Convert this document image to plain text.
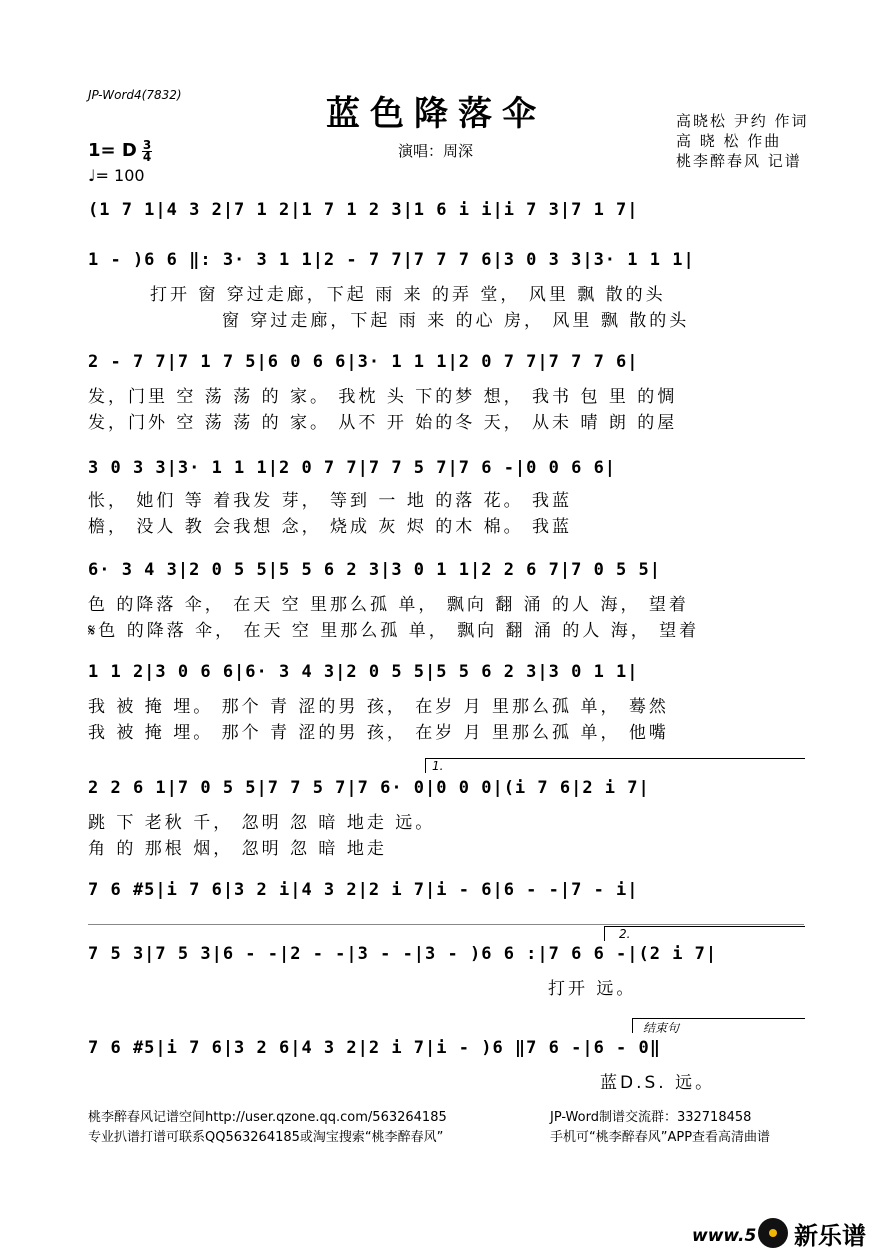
JP-Word4(7832)	蓝色降落伞	高晓松 尹约 作词
高 晓 松 作曲
桃李醉春风 记谱
演唱：周深
1= D $\frac{3}{4}$
♩= 100
(1 7 1|4 3 2|7 1 2|1 7 1 2 3|1 6 i i|i 7 3|7 1 7|
1 - )6 6 ‖: 3· 3 1 1|2 - 7 7|7 7 7 6|3 0 3 3|3· 1 1 1|
打开 窗 穿过走廊，下起 雨 来 的弄 堂， 风里 飘 散的头
窗 穿过走廊，下起 雨 来 的心 房， 风里 飘 散的头
2 - 7 7|7 1 7 5|6 0 6 6|3· 1 1 1|2 0 7 7|7 7 7 6|
发，门里 空 荡 荡 的 家。 我枕 头 下的梦 想， 我书 包 里 的惆
发，门外 空 荡 荡 的 家。 从不 开 始的冬 天， 从未 晴 朗 的屋
3 0 3 3|3· 1 1 1|2 0 7 7|7 7 5 7|7 6 -|0 0 6 6|
怅， 她们 等 着我发 芽， 等到 一 地 的落 花。 我蓝
檐， 没人 教 会我想 念， 烧成 灰 烬 的木 棉。 我蓝
6· 3 4 3|2 0 5 5|5 5 6 2 3|3 0 1 1|2 2 6 7|7 0 5 5|
色 的降落 伞， 在天 空 里那么孤 单， 飘向 翻 涌 的人 海， 望着
𝄋色 的降落 伞， 在天 空 里那么孤 单， 飘向 翻 涌 的人 海， 望着
1 1 2|3 0 6 6|6· 3 4 3|2 0 5 5|5 5 6 2 3|3 0 1 1|
我 被 掩 埋。 那个 青 涩的男 孩， 在岁 月 里那么孤 单， 蓦然
我 被 掩 埋。 那个 青 涩的男 孩， 在岁 月 里那么孤 单， 他嘴
1.
2 2 6 1|7 0 5 5|7 7 5 7|7 6· 0|0 0 0|(i 7 6|2 i 7|
跳 下 老秋 千， 忽明 忽 暗 地走 远。
角 的 那根 烟， 忽明 忽 暗 地走
7 6 #5|i 7 6|3 2 i|4 3 2|2 i 7|i - 6|6 - -|7 - i|
2.
7 5 3|7 5 3|6 - -|2 - -|3 - -|3 - )6 6 :|7 6 6 -|(2 i 7|
打开 远。
结束句
7 6 #5|i 7 6|3 2 6|4 3 2|2 i 7|i - )6 ‖7 6 -|6 - 0‖
蓝D.S. 远。
桃李醉春风记谱空间http://user.qzone.qq.com/563264185
专业扒谱打谱可联系QQ563264185或淘宝搜索“桃李醉春风”
JP-Word制谱交流群：332718458
手机可“桃李醉春风”APP查看高清曲谱
www.5 新乐谱
